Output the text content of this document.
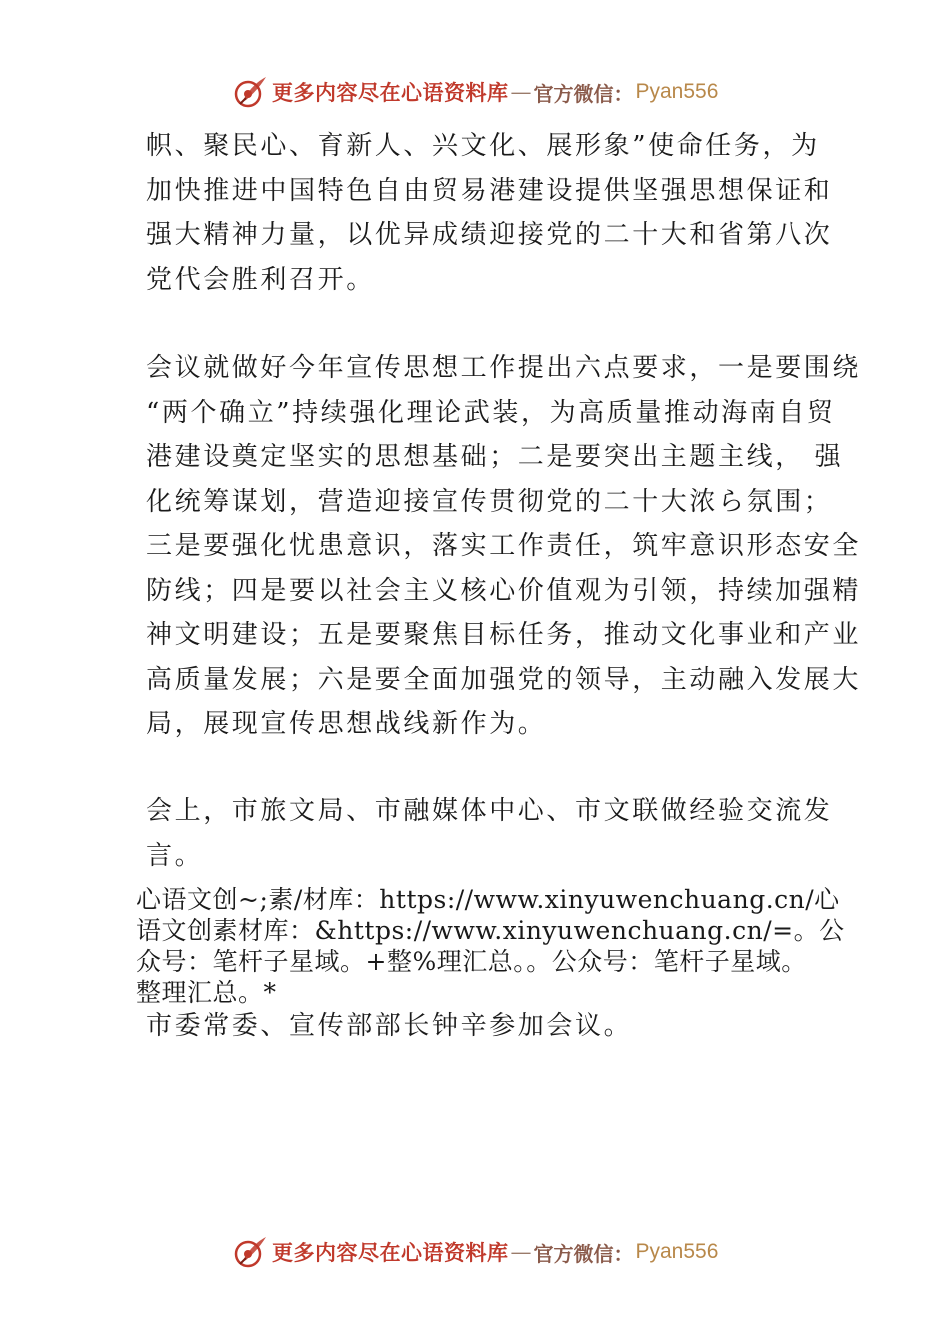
更多内容尽在心语资料库 — 官方微信： Pyan556
帜、聚民心、育新人、兴文化、展形象”使命任务，为
加快推进中国特色自由贸易港建设提供坚强思想保证和
强大精神力量，以优异成绩迎接党的二十大和省第八次
党代会胜利召开。
会议就做好今年宣传思想工作提出六点要求，一是要围绕
“两个确立”持续强化理论武装，为高质量推动海南自贸
港建设奠定坚实的思想基础；二是要突出主题主线， 强
化统筹谋划，营造迎接宣传贯彻党的二十大浓ら氛围；
三是要强化忧患意识，落实工作责任，筑牢意识形态安全
防线；四是要以社会主义核心价值观为引领，持续加强精
神文明建设；五是要聚焦目标任务，推动文化事业和产业
高质量发展；六是要全面加强党的领导，主动融入发展大
局，展现宣传思想战线新作为。
会上，市旅文局、市融媒体中心、市文联做经验交流发
言。
心语文创~;素/材库：https://www.xinyuwenchuang.cn/心
语文创素材库：&https://www.xinyuwenchuang.cn/=。公
众号：笔杆子星域。+整%理汇总。。公众号：笔杆子星域。
整理汇总。*
市委常委、宣传部部长钟辛参加会议。
更多内容尽在心语资料库 — 官方微信： Pyan556
